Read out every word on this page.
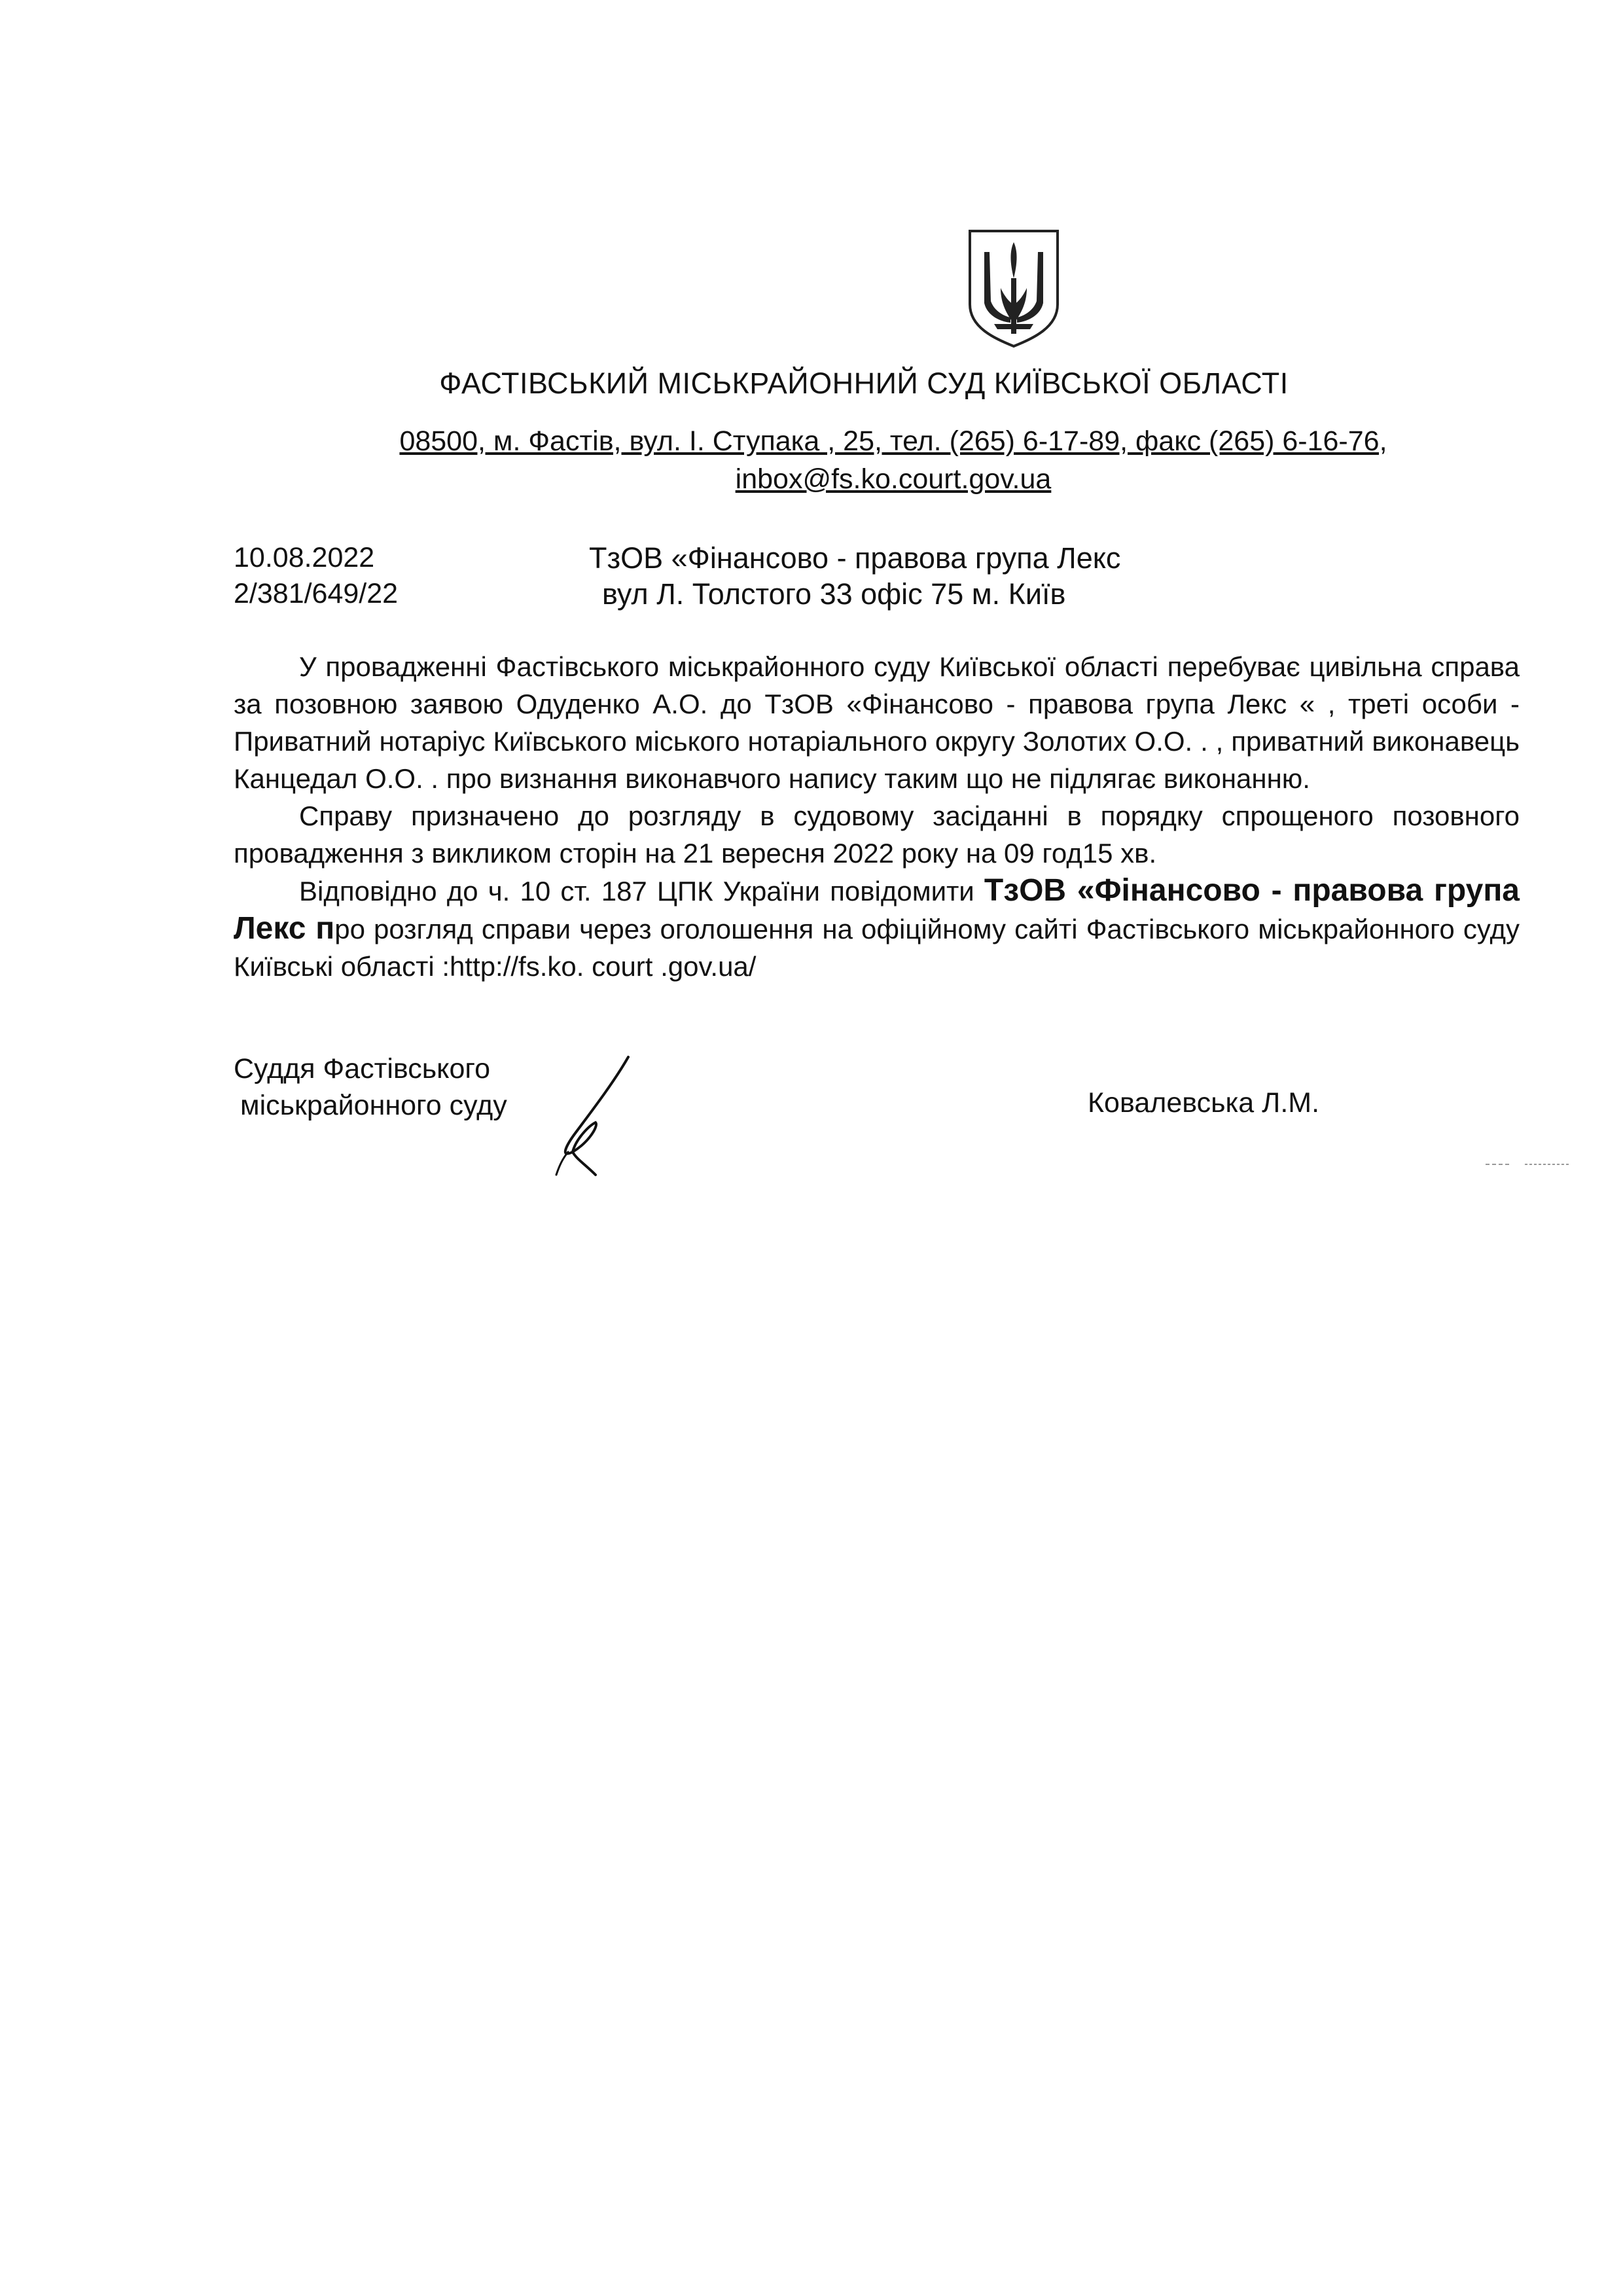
ФАСТІВСЬКИЙ МІСЬКРАЙОННИЙ СУД КИЇВСЬКОЇ ОБЛАСТІ
08500, м. Фастів, вул. І. Ступака , 25, тел. (265) 6-17-89, факс (265) 6-16-76,
inbox@fs.ko.court.gov.ua
10.08.2022
2/381/649/22
ТзОВ «Фінансово - правова група Лекс
вул Л. Толстого 33 офіс 75 м. Київ

У провадженні Фастівського міськрайонного суду Київської області перебуває цивільна справа за позовною заявою Одуденко А.О. до ТзОВ «Фінансово - правова група Лекс « , треті особи - Приватний нотаріус Київського міського нотаріального округу Золотих О.О. . , приватний виконавець Канцедал О.О. . про визнання виконавчого напису таким що не підлягає виконанню.

Справу призначено до розгляду в судовому засіданні в порядку спрощеного позовного провадження з викликом сторін на 21 вересня 2022 року на 09 год15 хв.

Відповідно до ч. 10 ст. 187 ЦПК України повідомити ТзОВ «Фінансово - правова група Лекс про розгляд справи через оголошення на офіційному сайті Фастівського міськрайонного суду Київські області :http://fs.ko. court .gov.ua/

Суддя Фастівського
міськрайонного суду	Ковалевська Л.М.
